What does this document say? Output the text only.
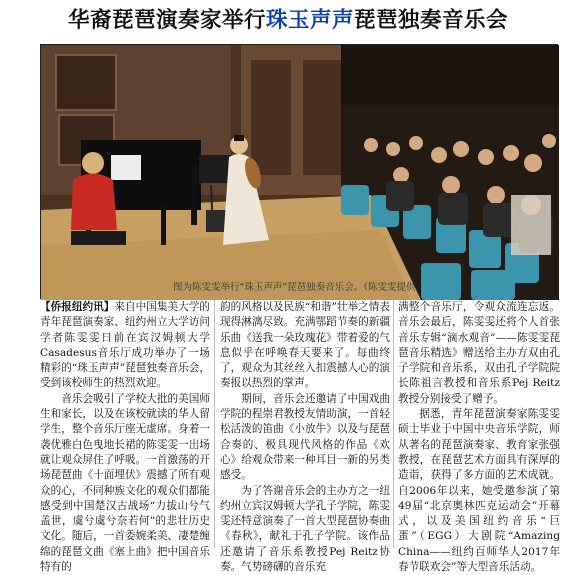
华裔琵琶演奏家举行珠玉声声琵琶独奏音乐会
图为陈雯雯举行“珠玉声声”琵琶独奏音乐会。（陈雯雯提供）

【侨报纽约讯】来自中国集美大学的青年琵琶演奏家、纽约州立大学访问学者陈雯雯日前在宾汉姆顿大学Casadesus音乐厅成功举办了一场精彩的“珠玉声声”琵琶独奏音乐会，受到该校师生的热烈欢迎。

音乐会吸引了学校大批的美国师生和家长，以及在该校就读的华人留学生，整个音乐厅座无虚席。身着一袭优雅白色曳地长裙的陈雯雯一出场就让观众屏住了呼吸。一首激荡的开场琵琶曲《十面埋伏》震撼了所有观众的心，不同种族文化的观众们都能感受到中国楚汉古战场“力拔山兮气盖世，虞兮虞兮奈若何”的悲壮历史文化。随后，一首委婉柔美、凄楚缠绵的琵琶文曲《塞上曲》把中国音乐特有的

韵的风格以及民族“和谐”壮举之情表现得淋漓尽致。充满鄂蹈节奏的新疆乐曲《送我一朵玫瑰花》带着爱的气息似乎在呼唤春天要来了。每曲终了，观众为其丝丝入扣震撼人心的演奏报以热烈的掌声。

期间，音乐会还邀请了中国戏曲学院的程崇君教授友情助演，一首轻松活泼的笛曲《小放牛》以及与琵琶合奏的、极具现代风格的作品《欢心》给观众带来一种耳目一新的另类感受。

为了答谢音乐会的主办方之一纽约州立宾汉姆顿大学孔子学院，陈雯雯还特意演奏了一首大型琵琶协奏曲《春秋》，献礼于孔子学院。该作品还邀请了音乐系教授Pej Reitz协奏。气势磅礴的音乐充

满整个音乐厅，令观众流连忘返。音乐会最后，陈雯雯还将个人首张音乐专辑“滴水观音”——陈雯雯琵琶音乐精选》赠送给主办方双由孔子学院和音乐系，双由孔子学院院长陈祖言教授和音乐系Pej Reitz教授分别接受了赠予。

据悉，青年琵琶演奏家陈雯雯硕士毕业于中国中央音乐学院，师从著名的琵琶演奏家、教育家张强教授，在琵琶艺术方面具有深厚的造诣，获得了多方面的艺术成就。自2006年以来，她受邀参演了第49届“北京奥林匹克运动会”开幕式，以及美国纽约音乐“巨蛋”（EGG）大剧院“Amazing China——纽约百师华人2017年春节联欢会”等大型音乐活动。
